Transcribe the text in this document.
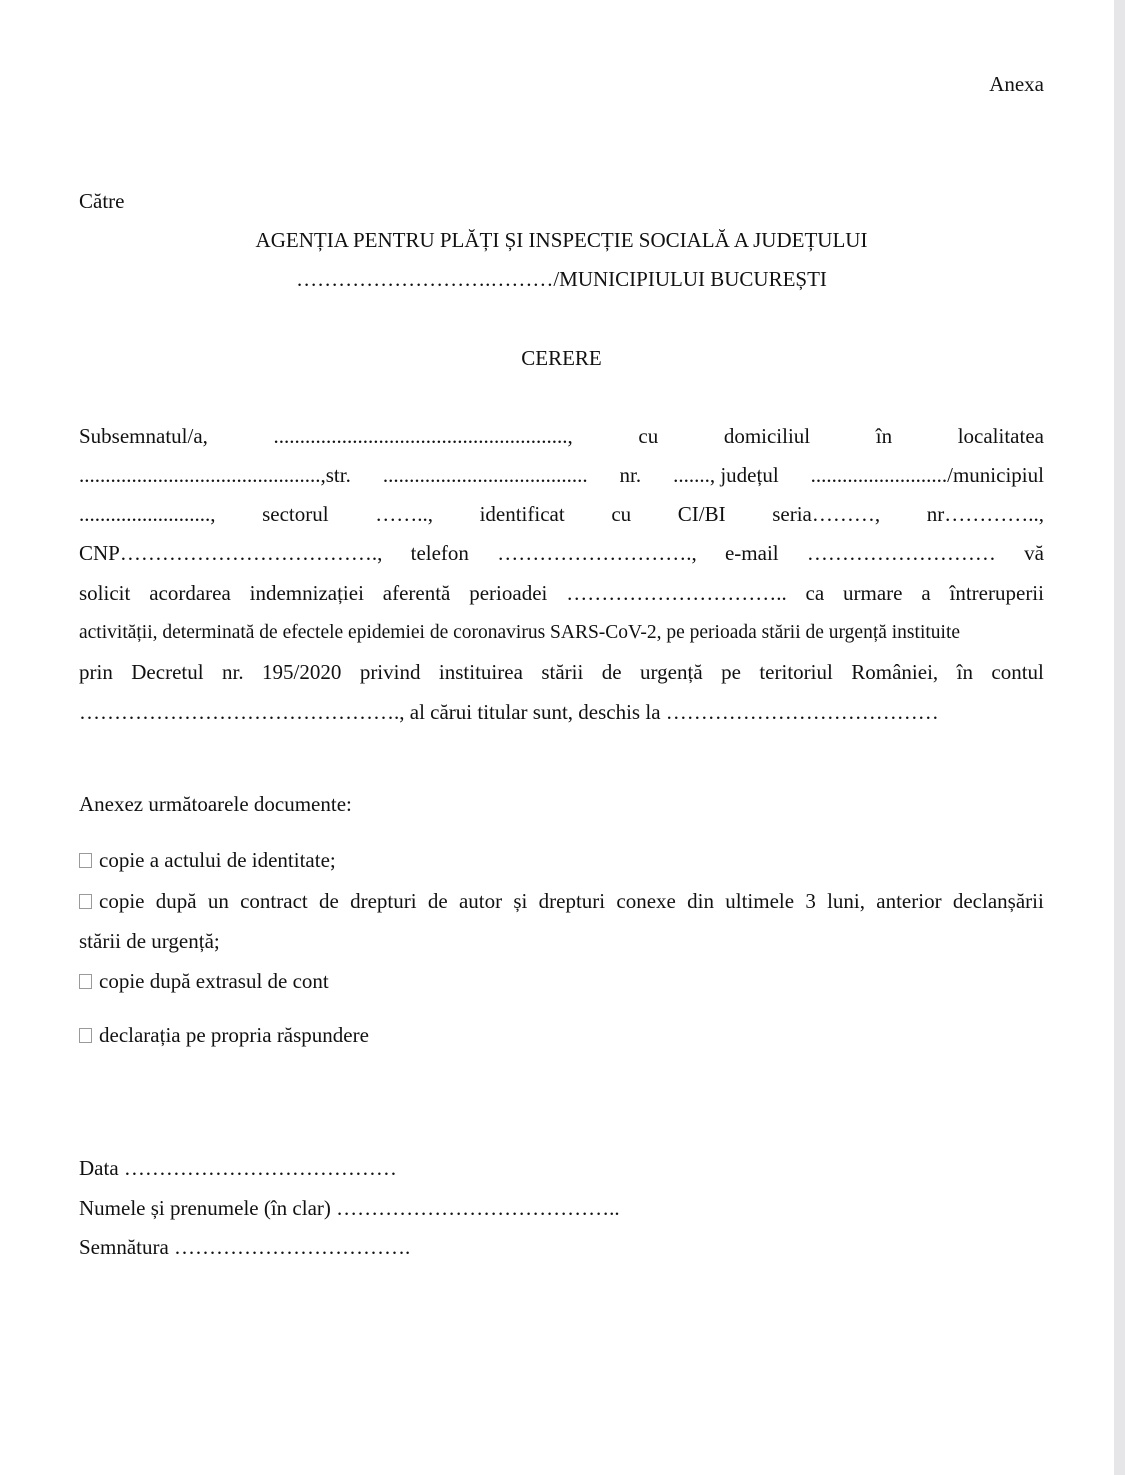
Anexa
Către
AGENȚIA PENTRU PLĂȚI ȘI INSPECȚIE SOCIALĂ A JUDEȚULUI
……………………….………/MUNICIPIULUI BUCUREȘTI
CERERE
Subsemnatul/a,	........................................................,	cu	domiciliul	în	localitatea
..............................................,str. ....................................... nr. ......., județul ........................../municipiul
........................., sectorul …….., identificat cu CI/BI seria………, nr…………..,
CNP………………………………., telefon ………………………., e-mail ……………………… vă
solicit acordarea indemnizației aferentă perioadei ………………………….. ca urmare a întreruperii
activității, determinată de efectele epidemiei de coronavirus SARS-CoV-2, pe perioada stării de urgență instituite
prin Decretul nr. 195/2020 privind instituirea stării de urgență pe teritoriul României, în contul
………………………………………., al cărui titular sunt, deschis la …………………………………
Anexez următoarele documente:
copie a actului de identitate;
copie după un contract de drepturi de autor și drepturi conexe din ultimele 3 luni, anterior declanșării
stării de urgență;
copie după extrasul de cont
declarația pe propria răspundere
Data …………………………………
Numele și prenumele (în clar) …………………………………..
Semnătura …………………………….
